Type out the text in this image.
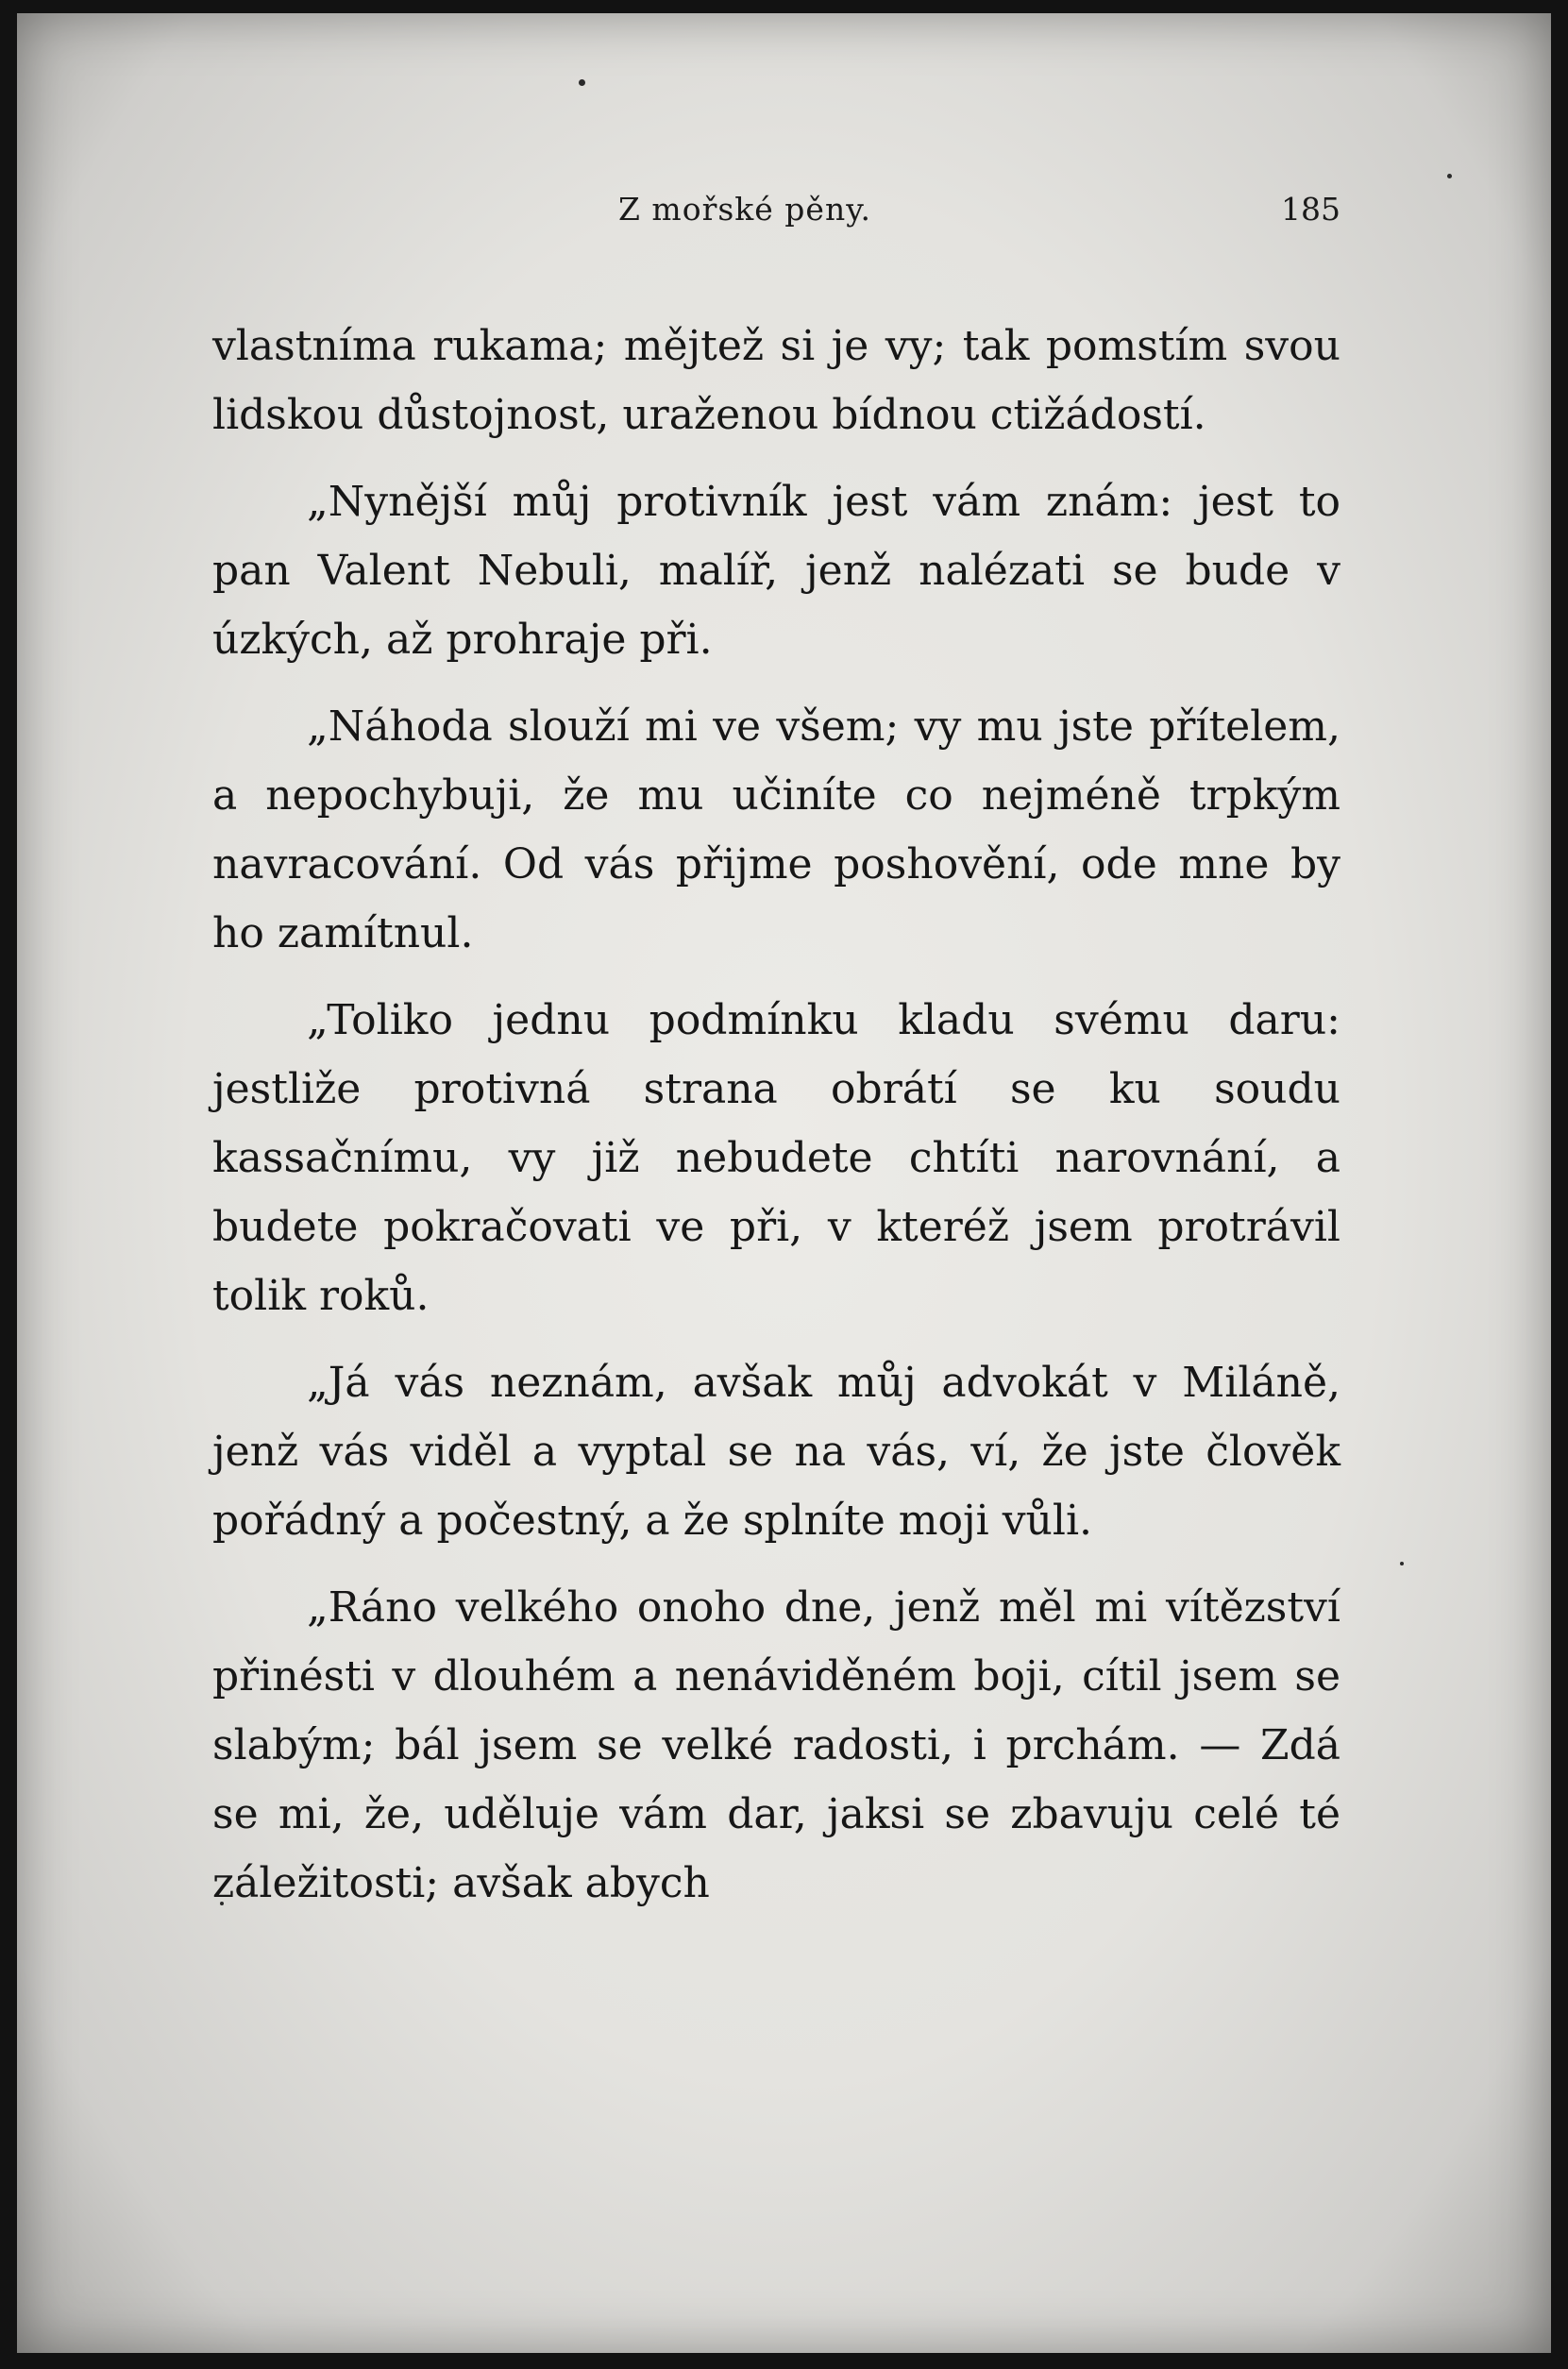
Z mořské pěny.	185

vlastníma rukama; mějtež si je vy; tak pomstím svou lidskou důstojnost, uraženou bídnou ctižádostí.

„Nynější můj protivník jest vám znám: jest to pan Valent Nebuli, malíř, jenž nalézati se bude v úzkých, až prohraje při.

„Náhoda slouží mi ve všem; vy mu jste přítelem, a nepochybuji, že mu učiníte co nejméně trpkým navracování. Od vás přijme poshovění, ode mne by ho zamítnul.

„Toliko jednu podmínku kladu svému daru: jestliže protivná strana obrátí se ku soudu kassačnímu, vy již nebudete chtíti narovnání, a budete pokračovati ve při, v kteréž jsem protrávil tolik roků.

„Já vás neznám, avšak můj advokát v Miláně, jenž vás viděl a vyptal se na vás, ví, že jste člověk pořádný a počestný, a že splníte moji vůli.

„Ráno velkého onoho dne, jenž měl mi vítězství přinésti v dlouhém a nenáviděném boji, cítil jsem se slabým; bál jsem se velké radosti, i prchám. — Zdá se mi, že, uděluje vám dar, jaksi se zbavuju celé té záležitosti; avšak abych
